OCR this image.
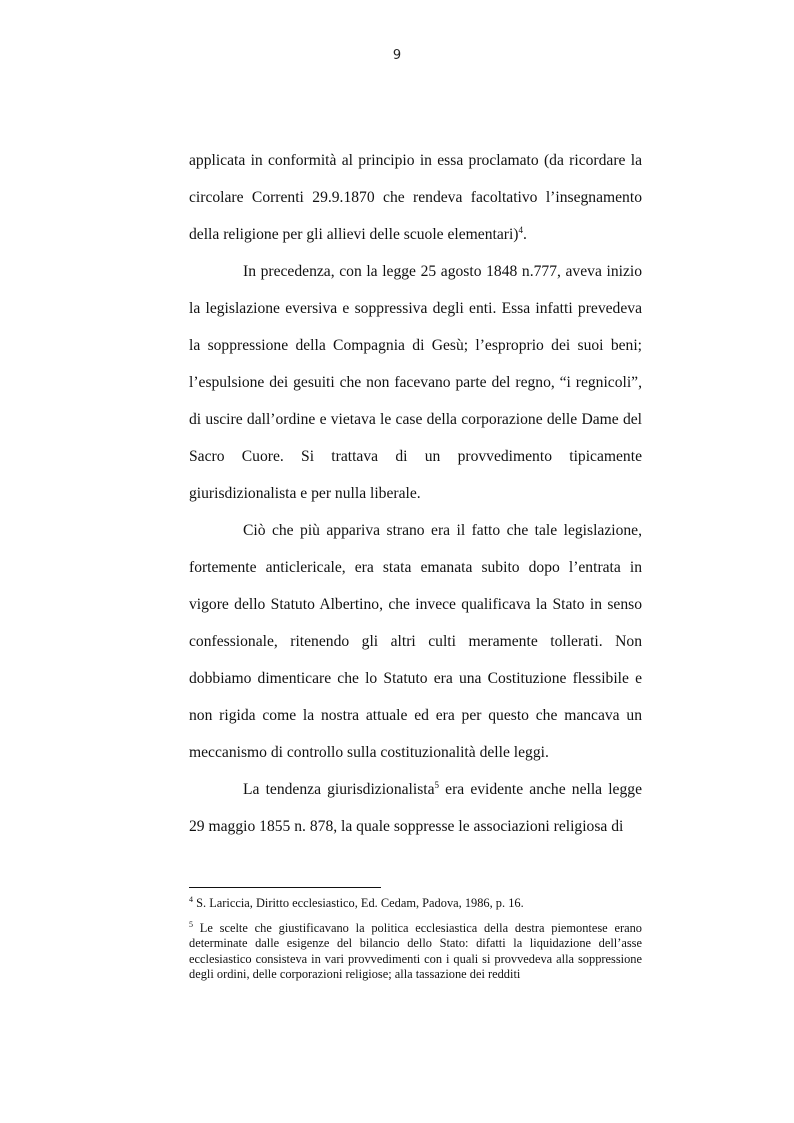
9

applicata in conformità al principio in essa proclamato (da ricordare la circolare Correnti 29.9.1870 che rendeva facoltativo l’insegnamento della religione per gli allievi delle scuole elementari)$^4$.

In precedenza, con la legge 25 agosto 1848 n.777, aveva inizio la legislazione eversiva e soppressiva degli enti. Essa infatti prevedeva la soppressione della Compagnia di Gesù; l’esproprio dei suoi beni; l’espulsione dei gesuiti che non facevano parte del regno, “i regnicoli”, di uscire dall’ordine e vietava le case della corporazione delle Dame del Sacro Cuore. Si trattava di un provvedimento tipicamente giurisdizionalista e per nulla liberale.

Ciò che più appariva strano era il fatto che tale legislazione, fortemente anticlericale, era stata emanata subito dopo l’entrata in vigore dello Statuto Albertino, che invece qualificava la Stato in senso confessionale, ritenendo gli altri culti meramente tollerati. Non dobbiamo dimenticare che lo Statuto era una Costituzione flessibile e non rigida come la nostra attuale ed era per questo che mancava un meccanismo di controllo sulla costituzionalità delle leggi.

La tendenza giurisdizionalista$^5$ era evidente anche nella legge 29 maggio 1855 n. 878, la quale soppresse le associazioni religiosa di

$^4$ S. Lariccia, Diritto ecclesiastico, Ed. Cedam, Padova, 1986, p. 16.

$^5$ Le scelte che giustificavano la politica ecclesiastica della destra piemontese erano determinate dalle esigenze del bilancio dello Stato: difatti la liquidazione dell’asse ecclesiastico consisteva in vari provvedimenti con i quali si provvedeva alla soppressione degli ordini, delle corporazioni religiose; alla tassazione dei redditi
